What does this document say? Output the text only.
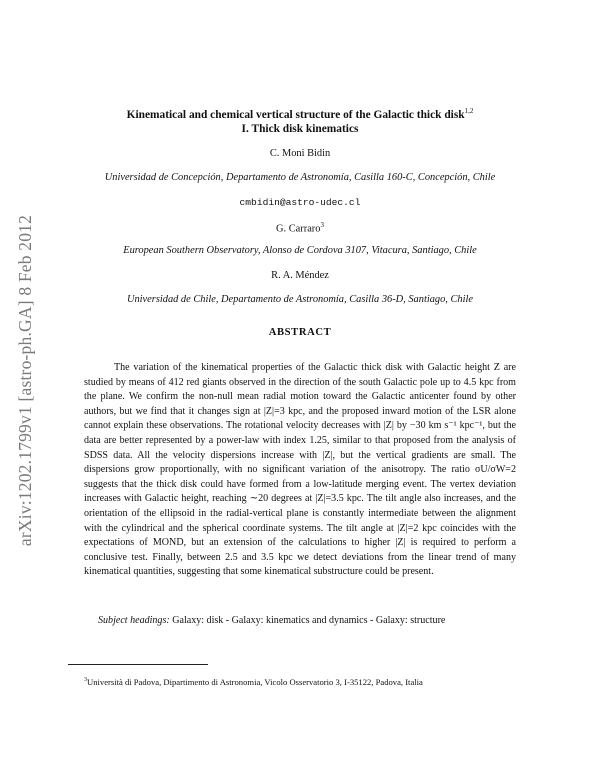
arXiv:1202.1799v1 [astro-ph.GA] 8 Feb 2012
Kinematical and chemical vertical structure of the Galactic thick disk$^{1,2}$
I. Thick disk kinematics
C. Moni Bidin
Universidad de Concepción, Departamento de Astronomía, Casilla 160-C, Concepción, Chile
cmbidin@astro-udec.cl
G. Carraro$^3$
European Southern Observatory, Alonso de Cordova 3107, Vitacura, Santiago, Chile
R. A. Méndez
Universidad de Chile, Departamento de Astronomía, Casilla 36-D, Santiago, Chile
ABSTRACT
The variation of the kinematical properties of the Galactic thick disk with Galactic height Z are studied by means of 412 red giants observed in the direction of the south Galactic pole up to 4.5 kpc from the plane. We confirm the non-null mean radial motion toward the Galactic anticenter found by other authors, but we find that it changes sign at |Z|=3 kpc, and the proposed inward motion of the LSR alone cannot explain these observations. The rotational velocity decreases with |Z| by −30 km s⁻¹ kpc⁻¹, but the data are better represented by a power-law with index 1.25, similar to that proposed from the analysis of SDSS data. All the velocity dispersions increase with |Z|, but the vertical gradients are small. The dispersions grow proportionally, with no significant variation of the anisotropy. The ratio σU/σW=2 suggests that the thick disk could have formed from a low-latitude merging event. The vertex deviation increases with Galactic height, reaching ∼20 degrees at |Z|=3.5 kpc. The tilt angle also increases, and the orientation of the ellipsoid in the radial-vertical plane is constantly intermediate between the alignment with the cylindrical and the spherical coordinate systems. The tilt angle at |Z|=2 kpc coincides with the expectations of MOND, but an extension of the calculations to higher |Z| is required to perform a conclusive test. Finally, between 2.5 and 3.5 kpc we detect deviations from the linear trend of many kinematical quantities, suggesting that some kinematical substructure could be present.
Subject headings: Galaxy: disk - Galaxy: kinematics and dynamics - Galaxy: structure
$^3$Università di Padova, Dipartimento di Astronomia, Vicolo Osservatorio 3, I-35122, Padova, Italia
